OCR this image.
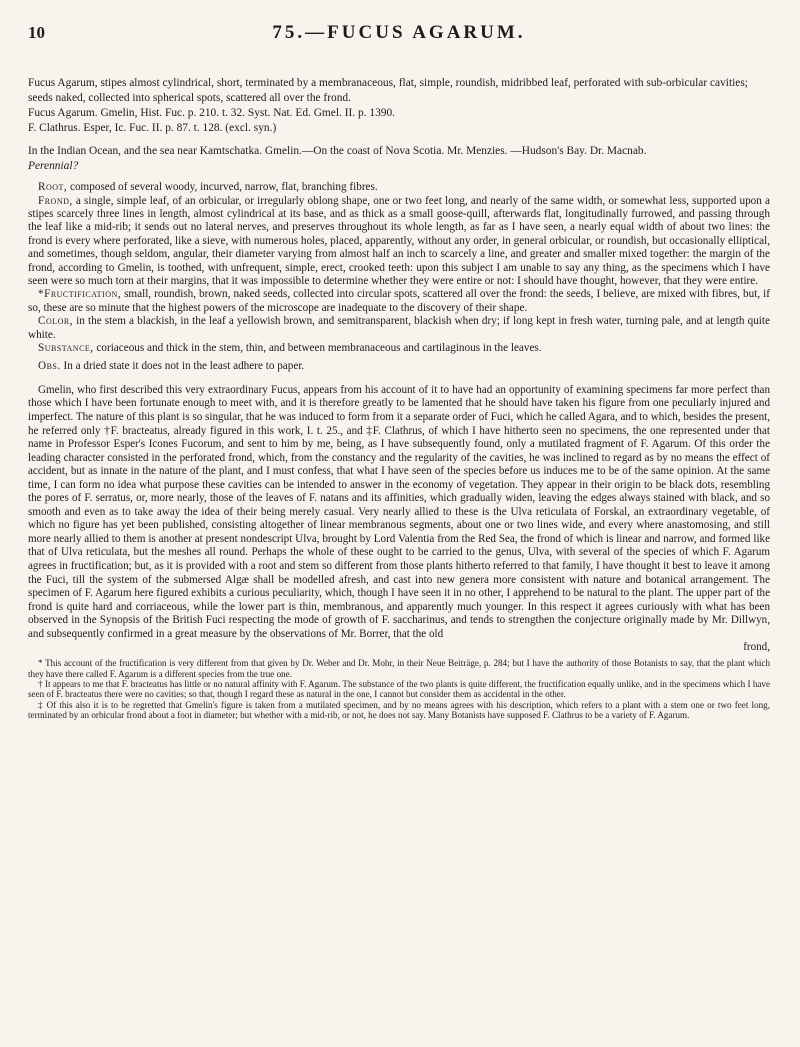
10	75.—FUCUS AGARUM.

Fucus Agarum, stipes almost cylindrical, short, terminated by a membranaceous, flat, simple, roundish, midribbed leaf, perforated with sub-orbicular cavities; seeds naked, collected into spherical spots, scattered all over the frond.

Fucus Agarum. Gmelin, Hist. Fuc. p. 210. t. 32. Syst. Nat. Ed. Gmel. II. p. 1390.

F. Clathrus. Esper, Ic. Fuc. II. p. 87. t. 128. (excl. syn.)

In the Indian Ocean, and the sea near Kamtschatka. Gmelin.—On the coast of Nova Scotia. Mr. Menzies. —Hudson's Bay. Dr. Macnab.

Perennial?

Root, composed of several woody, incurved, narrow, flat, branching fibres.

Frond, a single, simple leaf, of an orbicular, or irregularly oblong shape, one or two feet long, and nearly of the same width, or somewhat less, supported upon a stipes scarcely three lines in length, almost cylindrical at its base, and as thick as a small goose-quill, afterwards flat, longitudinally furrowed, and passing through the leaf like a mid-rib; it sends out no lateral nerves, and preserves throughout its whole length, as far as I have seen, a nearly equal width of about two lines: the frond is every where perforated, like a sieve, with numerous holes, placed, apparently, without any order, in general orbicular, or roundish, but occasionally elliptical, and sometimes, though seldom, angular, their diameter varying from almost half an inch to scarcely a line, and greater and smaller mixed together: the margin of the frond, according to Gmelin, is toothed, with unfrequent, simple, erect, crooked teeth: upon this subject I am unable to say any thing, as the specimens which I have seen were so much torn at their margins, that it was impossible to determine whether they were entire or not: I should have thought, however, that they were entire.

*Fructification, small, roundish, brown, naked seeds, collected into circular spots, scattered all over the frond: the seeds, I believe, are mixed with fibres, but, if so, these are so minute that the highest powers of the microscope are inadequate to the discovery of their shape.

Color, in the stem a blackish, in the leaf a yellowish brown, and semitransparent, blackish when dry; if long kept in fresh water, turning pale, and at length quite white.

Substance, coriaceous and thick in the stem, thin, and between membranaceous and cartilaginous in the leaves.

Obs. In a dried state it does not in the least adhere to paper.

Gmelin, who first described this very extraordinary Fucus, appears from his account of it to have had an opportunity of examining specimens far more perfect than those which I have been fortunate enough to meet with, and it is therefore greatly to be lamented that he should have taken his figure from one peculiarly injured and imperfect. The nature of this plant is so singular, that he was induced to form from it a separate order of Fuci, which he called Agara, and to which, besides the present, he referred only †F. bracteatus, already figured in this work, I. t. 25., and ‡F. Clathrus, of which I have hitherto seen no specimens, the one represented under that name in Professor Esper's Icones Fucorum, and sent to him by me, being, as I have subsequently found, only a mutilated fragment of F. Agarum. Of this order the leading character consisted in the perforated frond, which, from the constancy and the regularity of the cavities, he was inclined to regard as by no means the effect of accident, but as innate in the nature of the plant, and I must confess, that what I have seen of the species before us induces me to be of the same opinion. At the same time, I can form no idea what purpose these cavities can be intended to answer in the economy of vegetation. They appear in their origin to be black dots, resembling the pores of F. serratus, or, more nearly, those of the leaves of F. natans and its affinities, which gradually widen, leaving the edges always stained with black, and so smooth and even as to take away the idea of their being merely casual. Very nearly allied to these is the Ulva reticulata of Forskal, an extraordinary vegetable, of which no figure has yet been published, consisting altogether of linear membranous segments, about one or two lines wide, and every where anastomosing, and still more nearly allied to them is another at present nondescript Ulva, brought by Lord Valentia from the Red Sea, the frond of which is linear and narrow, and formed like that of Ulva reticulata, but the meshes all round. Perhaps the whole of these ought to be carried to the genus, Ulva, with several of the species of which F. Agarum agrees in fructification; but, as it is provided with a root and stem so different from those plants hitherto referred to that family, I have thought it best to leave it among the Fuci, till the system of the submersed Algæ shall be modelled afresh, and cast into new genera more consistent with nature and botanical arrangement. The specimen of F. Agarum here figured exhibits a curious peculiarity, which, though I have seen it in no other, I apprehend to be natural to the plant. The upper part of the frond is quite hard and corriaceous, while the lower part is thin, membranous, and apparently much younger. In this respect it agrees curiously with what has been observed in the Synopsis of the British Fuci respecting the mode of growth of F. saccharinus, and tends to strengthen the conjecture originally made by Mr. Dillwyn, and subsequently confirmed in a great measure by the observations of Mr. Borrer, that the old

frond,

* This account of the fructification is very different from that given by Dr. Weber and Dr. Mohr, in their Neue Beiträge, p. 284; but I have the authority of those Botanists to say, that the plant which they have there called F. Agarum is a different species from the true one.

† It appears to me that F. bracteatus has little or no natural affinity with F. Agarum. The substance of the two plants is quite different, the fructification equally unlike, and in the specimens which I have seen of F. bracteatus there were no cavities; so that, though I regard these as natural in the one, I cannot but consider them as accidental in the other.

‡ Of this also it is to be regretted that Gmelin's figure is taken from a mutilated specimen, and by no means agrees with his description, which refers to a plant with a stem one or two feet long, terminated by an orbicular frond about a foot in diameter; but whether with a mid-rib, or not, he does not say. Many Botanists have supposed F. Clathrus to be a variety of F. Agarum.
